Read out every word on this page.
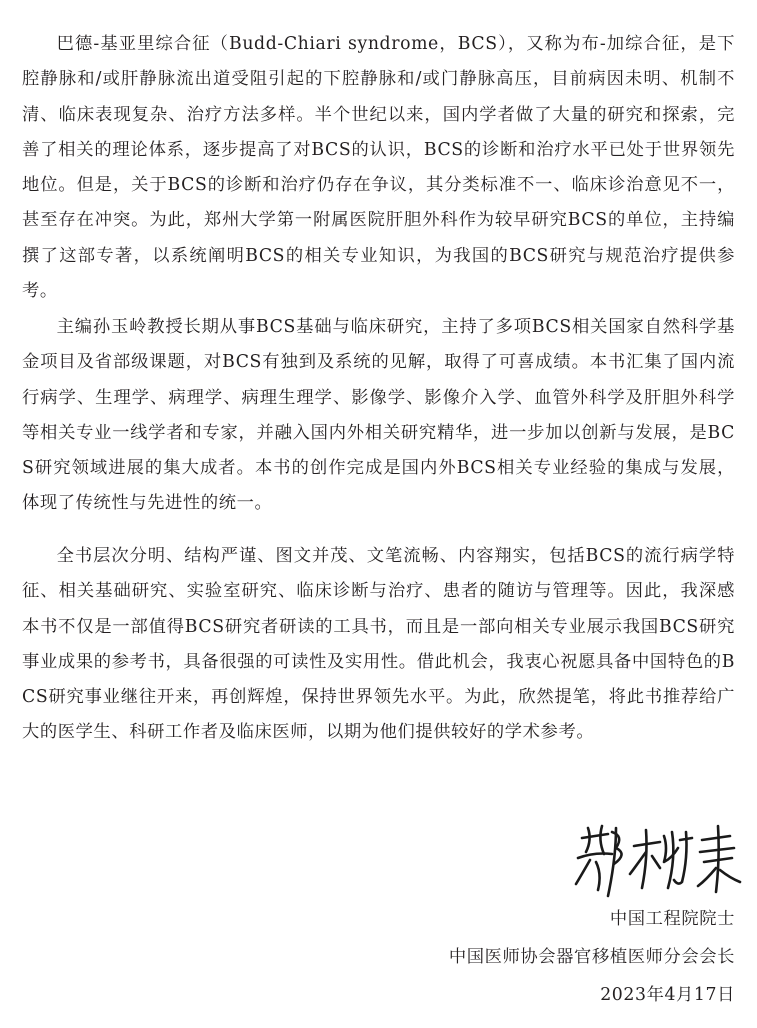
巴德-基亚里综合征（Budd-Chiari syndrome，BCS），又称为布-加综合征，是下腔静脉和/或肝静脉流出道受阻引起的下腔静脉和/或门静脉高压，目前病因未明、机制不清、临床表现复杂、治疗方法多样。半个世纪以来，国内学者做了大量的研究和探索，完善了相关的理论体系，逐步提高了对BCS的认识，BCS的诊断和治疗水平已处于世界领先地位。但是，关于BCS的诊断和治疗仍存在争议，其分类标准不一、临床诊治意见不一，甚至存在冲突。为此，郑州大学第一附属医院肝胆外科作为较早研究BCS的单位，主持编撰了这部专著，以系统阐明BCS的相关专业知识，为我国的BCS研究与规范治疗提供参考。

主编孙玉岭教授长期从事BCS基础与临床研究，主持了多项BCS相关国家自然科学基金项目及省部级课题，对BCS有独到及系统的见解，取得了可喜成绩。本书汇集了国内流行病学、生理学、病理学、病理生理学、影像学、影像介入学、血管外科学及肝胆外科学等相关专业一线学者和专家，并融入国内外相关研究精华，进一步加以创新与发展，是BCS研究领域进展的集大成者。本书的创作完成是国内外BCS相关专业经验的集成与发展，体现了传统性与先进性的统一。

全书层次分明、结构严谨、图文并茂、文笔流畅、内容翔实，包括BCS的流行病学特征、相关基础研究、实验室研究、临床诊断与治疗、患者的随访与管理等。因此，我深感本书不仅是一部值得BCS研究者研读的工具书，而且是一部向相关专业展示我国BCS研究事业成果的参考书，具备很强的可读性及实用性。借此机会，我衷心祝愿具备中国特色的BCS研究事业继往开来，再创辉煌，保持世界领先水平。为此，欣然提笔，将此书推荐给广大的医学生、科研工作者及临床医师，以期为他们提供较好的学术参考。

中国工程院院士
中国医师协会器官移植医师分会会长
2023年4月17日
